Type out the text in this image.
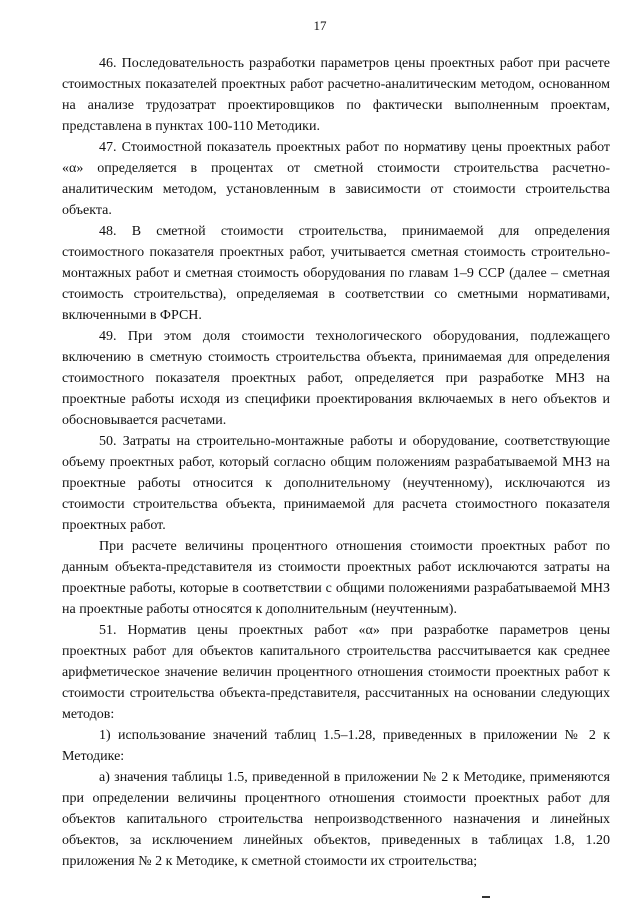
17

46. Последовательность разработки параметров цены проектных работ при расчете стоимостных показателей проектных работ расчетно-аналитическим методом, основанном на анализе трудозатрат проектировщиков по фактически выполненным проектам, представлена в пунктах 100-110 Методики.

47. Стоимостной показатель проектных работ по нормативу цены проектных работ «α» определяется в процентах от сметной стоимости строительства расчетно-аналитическим методом, установленным в зависимости от стоимости строительства объекта.

48. В сметной стоимости строительства, принимаемой для определения стоимостного показателя проектных работ, учитывается сметная стоимость строительно-монтажных работ и сметная стоимость оборудования по главам 1–9 ССР (далее – сметная стоимость строительства), определяемая в соответствии со сметными нормативами, включенными в ФРСН.

49. При этом доля стоимости технологического оборудования, подлежащего включению в сметную стоимость строительства объекта, принимаемая для определения стоимостного показателя проектных работ, определяется при разработке МНЗ на проектные работы исходя из специфики проектирования включаемых в него объектов и обосновывается расчетами.

50. Затраты на строительно-монтажные работы и оборудование, соответствующие объему проектных работ, который согласно общим положениям разрабатываемой МНЗ на проектные работы относится к дополнительному (неучтенному), исключаются из стоимости строительства объекта, принимаемой для расчета стоимостного показателя проектных работ.

При расчете величины процентного отношения стоимости проектных работ по данным объекта-представителя из стоимости проектных работ исключаются затраты на проектные работы, которые в соответствии с общими положениями разрабатываемой МНЗ на проектные работы относятся к дополнительным (неучтенным).

51. Норматив цены проектных работ «α» при разработке параметров цены проектных работ для объектов капитального строительства рассчитывается как среднее арифметическое значение величин процентного отношения стоимости проектных работ к стоимости строительства объекта-представителя, рассчитанных на основании следующих методов:

1) использование значений таблиц 1.5–1.28, приведенных в приложении № 2 к Методике:

а) значения таблицы 1.5, приведенной в приложении № 2 к Методике, применяются при определении величины процентного отношения стоимости проектных работ для объектов капитального строительства непроизводственного назначения и линейных объектов, за исключением линейных объектов, приведенных в таблицах 1.8, 1.20 приложения № 2 к Методике, к сметной стоимости их строительства;
